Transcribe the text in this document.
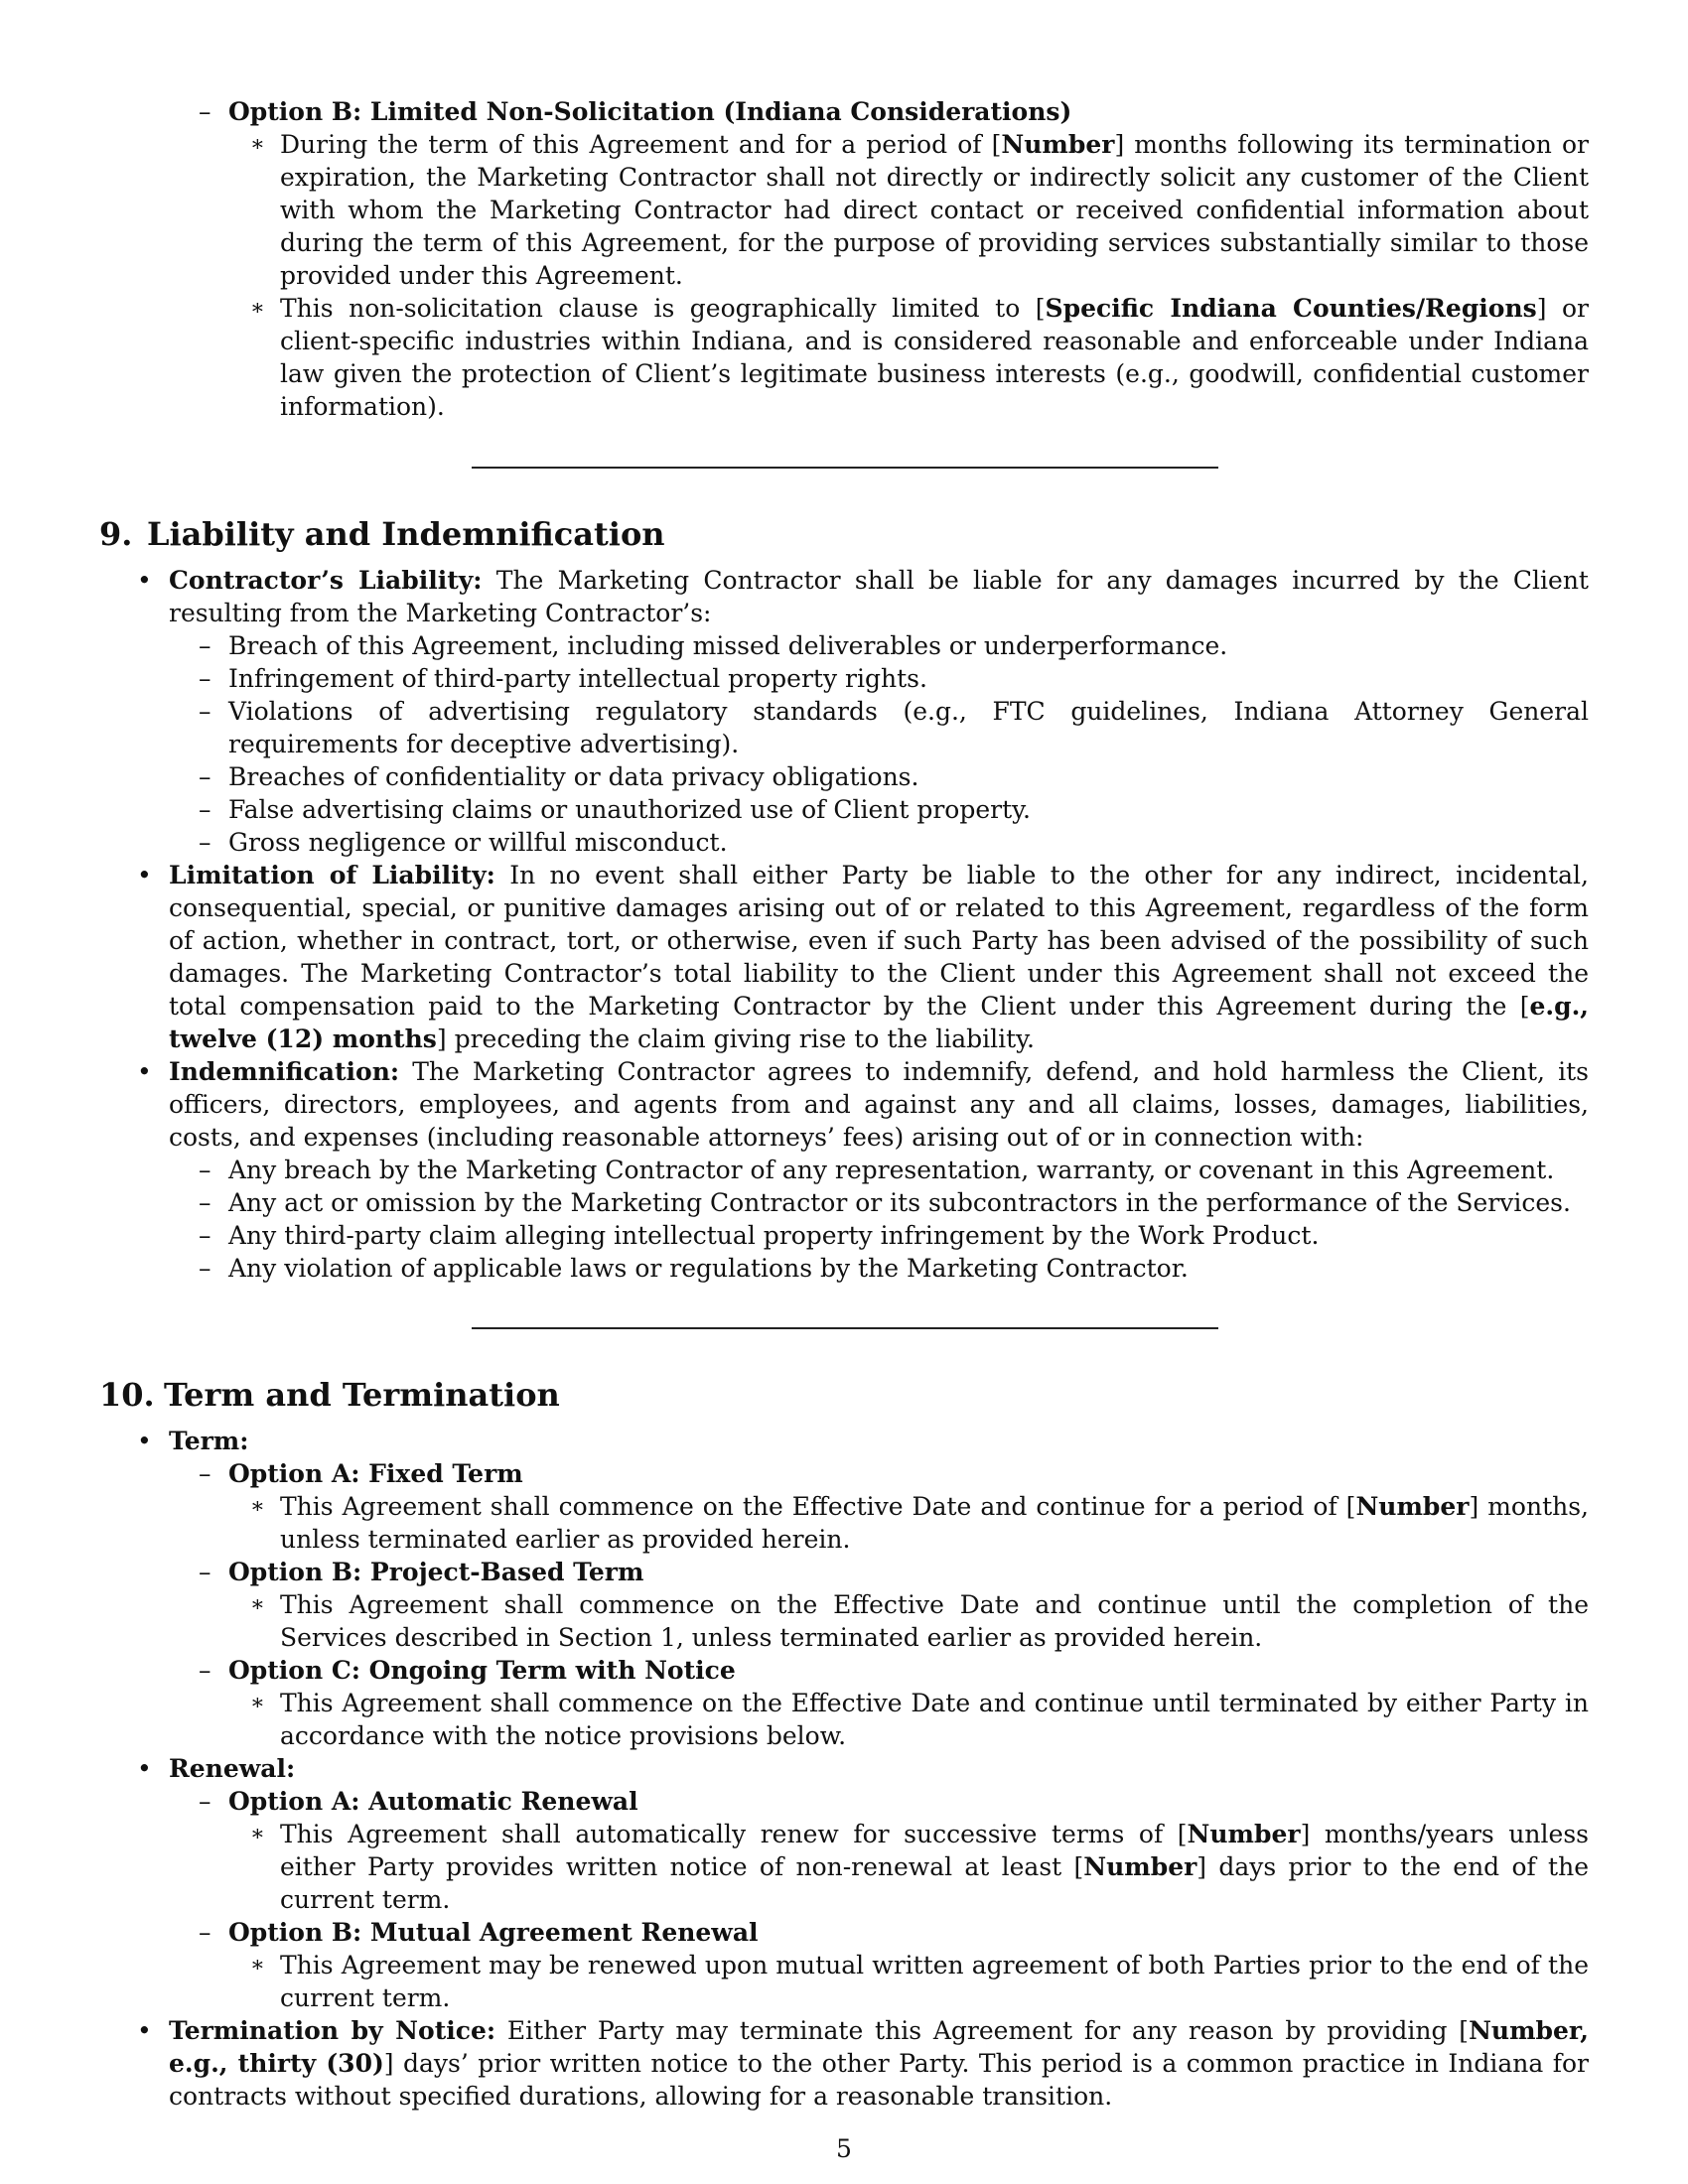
– Option B: Limited Non-Solicitation (Indiana Considerations)
∗ During the term of this Agreement and for a period of [Number] months following its termination or expiration, the Marketing Contractor shall not directly or indirectly solicit any customer of the Client with whom the Marketing Contractor had direct contact or received confidential information about during the term of this Agreement, for the purpose of providing services substantially similar to those provided under this Agreement.
∗ This non-solicitation clause is geographically limited to [Specific Indiana Counties/Regions] or client-specific industries within Indiana, and is considered reasonable and enforceable under Indiana law given the protection of Client’s legitimate business interests (e.g., goodwill, confidential customer information).
9. Liability and Indemnification
• Contractor’s Liability: The Marketing Contractor shall be liable for any damages incurred by the Client resulting from the Marketing Contractor’s:
– Breach of this Agreement, including missed deliverables or underperformance.
– Infringement of third-party intellectual property rights.
– Violations of advertising regulatory standards (e.g., FTC guidelines, Indiana Attorney General requirements for deceptive advertising).
– Breaches of confidentiality or data privacy obligations.
– False advertising claims or unauthorized use of Client property.
– Gross negligence or willful misconduct.
• Limitation of Liability: In no event shall either Party be liable to the other for any indirect, incidental, consequential, special, or punitive damages arising out of or related to this Agreement, regardless of the form of action, whether in contract, tort, or otherwise, even if such Party has been advised of the possibility of such damages. The Marketing Contractor’s total liability to the Client under this Agreement shall not exceed the total compensation paid to the Marketing Contractor by the Client under this Agreement during the [e.g., twelve (12) months] preceding the claim giving rise to the liability.
• Indemnification: The Marketing Contractor agrees to indemnify, defend, and hold harmless the Client, its officers, directors, employees, and agents from and against any and all claims, losses, damages, liabilities, costs, and expenses (including reasonable attorneys’ fees) arising out of or in connection with:
– Any breach by the Marketing Contractor of any representation, warranty, or covenant in this Agreement.
– Any act or omission by the Marketing Contractor or its subcontractors in the performance of the Services.
– Any third-party claim alleging intellectual property infringement by the Work Product.
– Any violation of applicable laws or regulations by the Marketing Contractor.
10. Term and Termination
• Term:
– Option A: Fixed Term
∗ This Agreement shall commence on the Effective Date and continue for a period of [Number] months, unless terminated earlier as provided herein.
– Option B: Project-Based Term
∗ This Agreement shall commence on the Effective Date and continue until the completion of the Services described in Section 1, unless terminated earlier as provided herein.
– Option C: Ongoing Term with Notice
∗ This Agreement shall commence on the Effective Date and continue until terminated by either Party in accordance with the notice provisions below.
• Renewal:
– Option A: Automatic Renewal
∗ This Agreement shall automatically renew for successive terms of [Number] months/years unless either Party provides written notice of non-renewal at least [Number] days prior to the end of the current term.
– Option B: Mutual Agreement Renewal
∗ This Agreement may be renewed upon mutual written agreement of both Parties prior to the end of the current term.
• Termination by Notice: Either Party may terminate this Agreement for any reason by providing [Number, e.g., thirty (30)] days’ prior written notice to the other Party. This period is a common practice in Indiana for contracts without specified durations, allowing for a reasonable transition.
5
